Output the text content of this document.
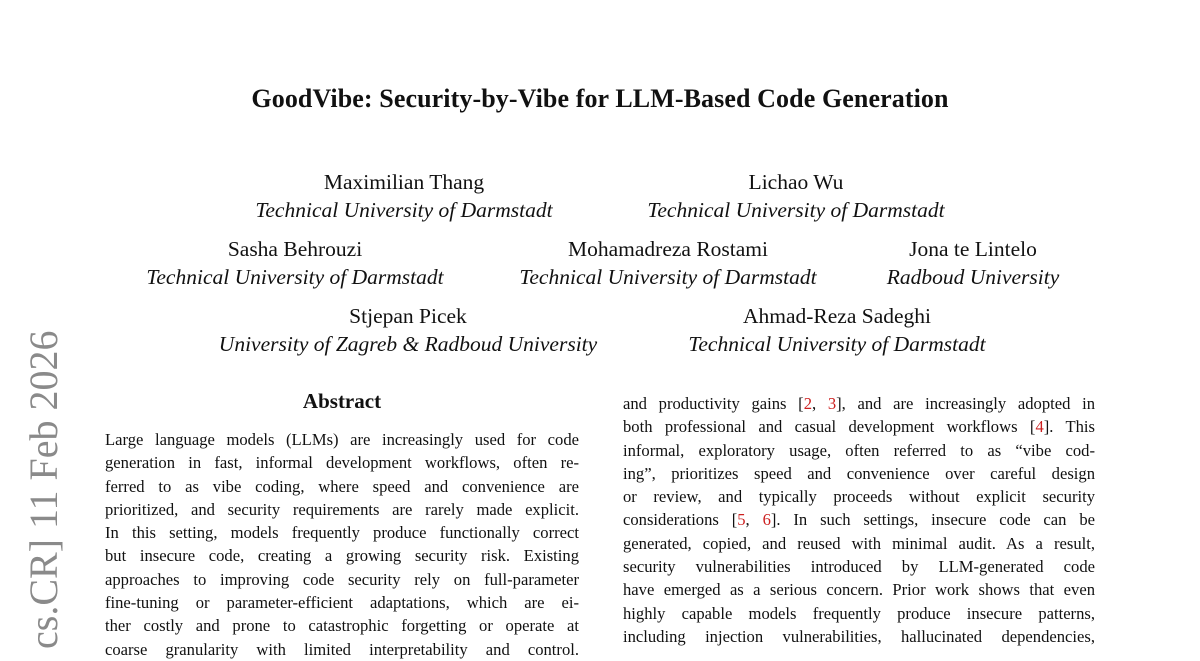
GoodVibe: Security-by-Vibe for LLM-Based Code Generation
Maximilian Thang
Technical University of Darmstadt
Lichao Wu
Technical University of Darmstadt
Sasha Behrouzi
Technical University of Darmstadt
Mohamadreza Rostami
Technical University of Darmstadt
Jona te Lintelo
Radboud University
Stjepan Picek
University of Zagreb & Radboud University
Ahmad-Reza Sadeghi
Technical University of Darmstadt
cs.CR] 11 Feb 2026	Abstract
Large language models (LLMs) are increasingly used for code
generation in fast, informal development workflows, often re-
ferred to as vibe coding, where speed and convenience are
prioritized, and security requirements are rarely made explicit.
In this setting, models frequently produce functionally correct
but insecure code, creating a growing security risk. Existing
approaches to improving code security rely on full-parameter
fine-tuning or parameter-efficient adaptations, which are ei-
ther costly and prone to catastrophic forgetting or operate at
coarse granularity with limited interpretability and control.
and productivity gains [2, 3], and are increasingly adopted in
both professional and casual development workflows [4]. This
informal, exploratory usage, often referred to as “vibe cod-
ing”, prioritizes speed and convenience over careful design
or review, and typically proceeds without explicit security
considerations [5, 6]. In such settings, insecure code can be
generated, copied, and reused with minimal audit. As a result,
security vulnerabilities introduced by LLM-generated code
have emerged as a serious concern. Prior work shows that even
highly capable models frequently produce insecure patterns,
including injection vulnerabilities, hallucinated dependencies,
